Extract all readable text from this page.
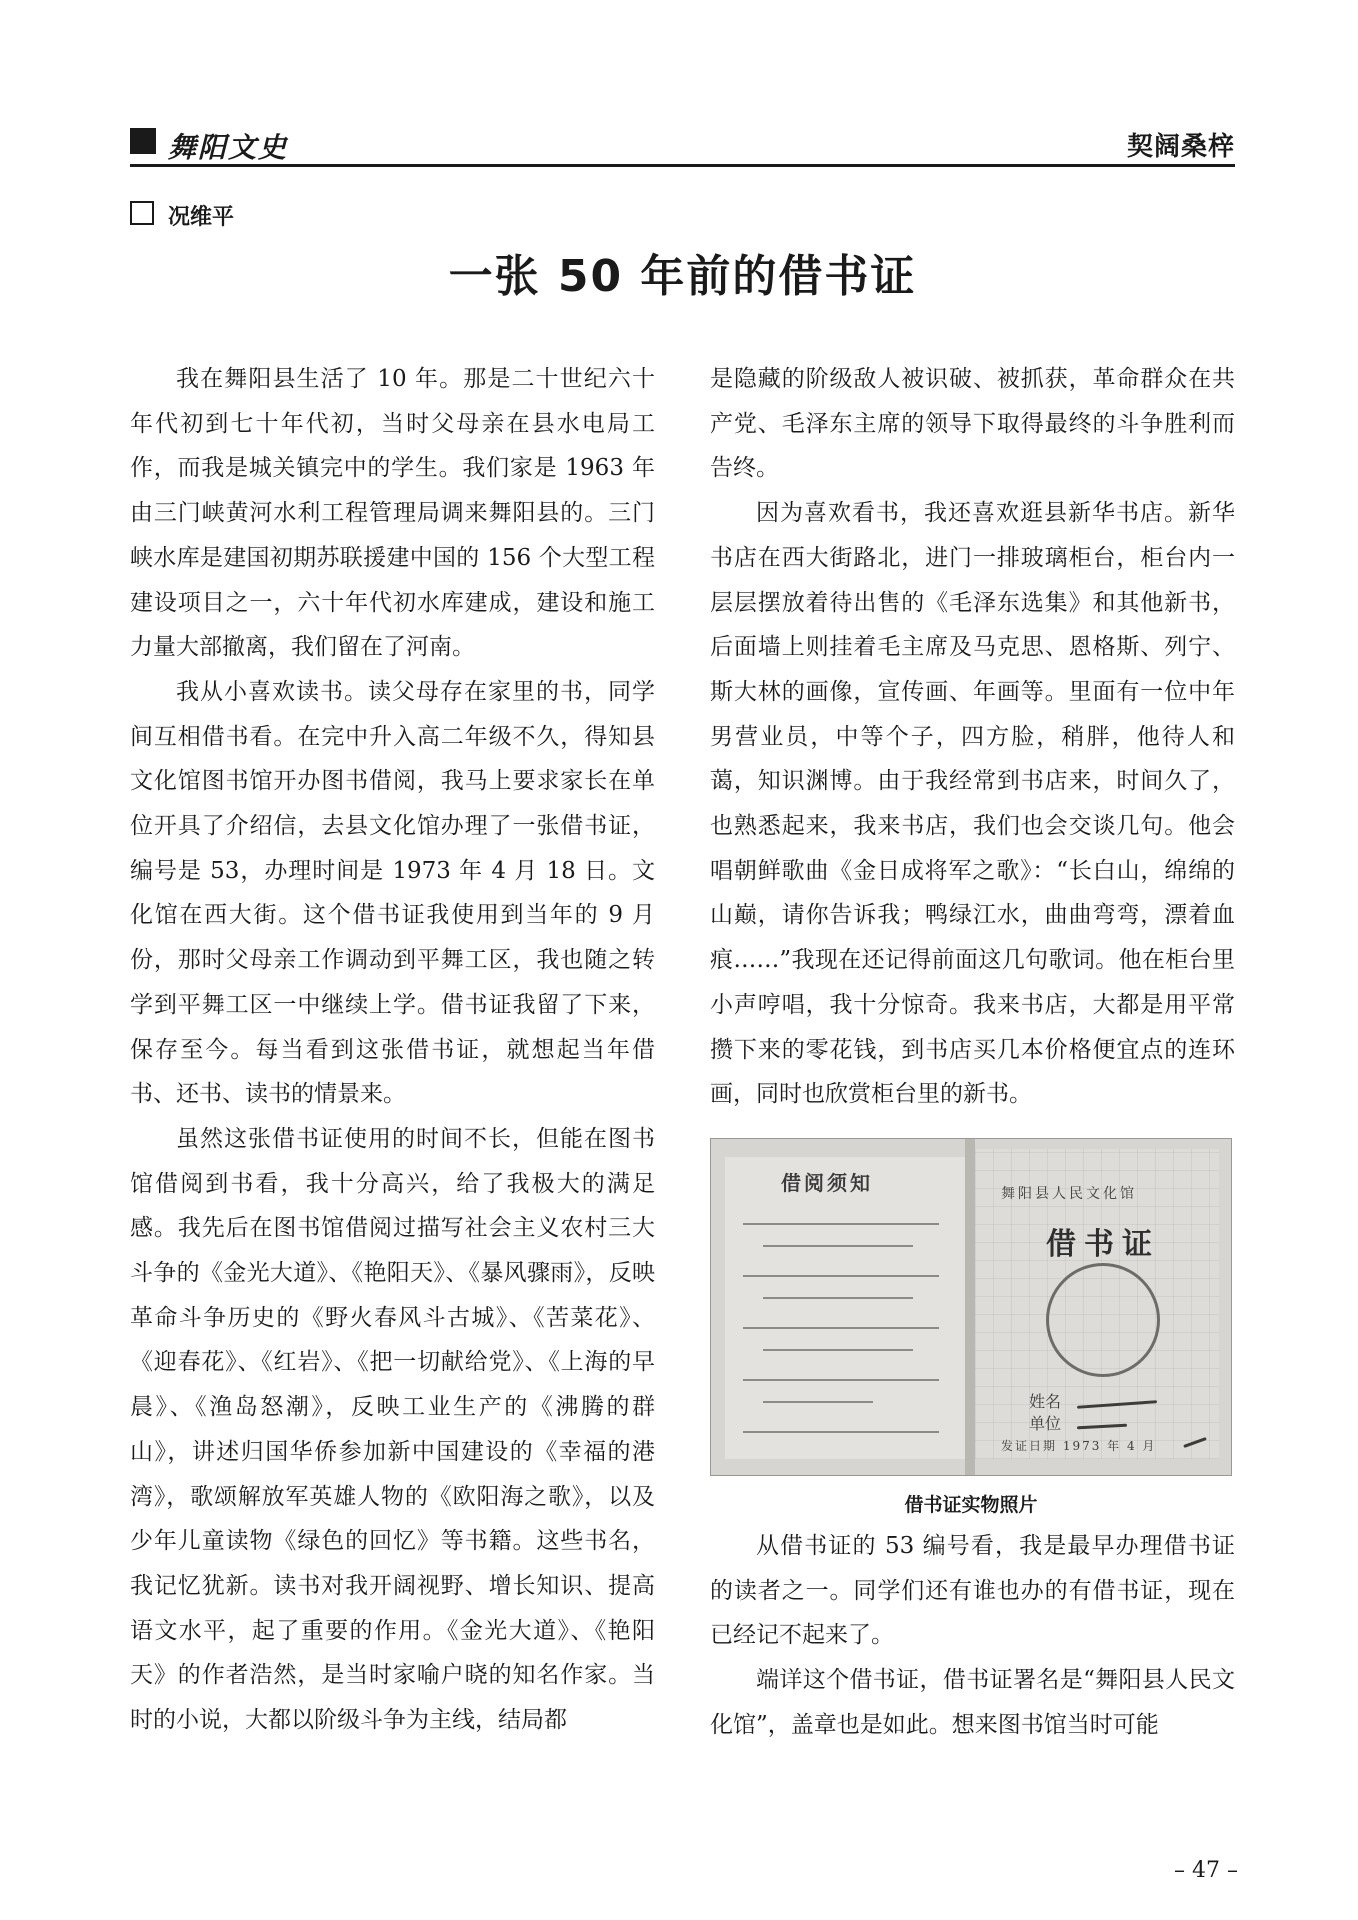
舞阳文史	契阔桑梓
况维平
一张 50 年前的借书证

我在舞阳县生活了 10 年。那是二十世纪六十年代初到七十年代初，当时父母亲在县水电局工作，而我是城关镇完中的学生。我们家是 1963 年由三门峡黄河水利工程管理局调来舞阳县的。三门峡水库是建国初期苏联援建中国的 156 个大型工程建设项目之一，六十年代初水库建成，建设和施工力量大部撤离，我们留在了河南。

我从小喜欢读书。读父母存在家里的书，同学间互相借书看。在完中升入高二年级不久，得知县文化馆图书馆开办图书借阅，我马上要求家长在单位开具了介绍信，去县文化馆办理了一张借书证，编号是 53，办理时间是 1973 年 4 月 18 日。文化馆在西大街。这个借书证我使用到当年的 9 月份，那时父母亲工作调动到平舞工区，我也随之转学到平舞工区一中继续上学。借书证我留了下来，保存至今。每当看到这张借书证，就想起当年借书、还书、读书的情景来。

虽然这张借书证使用的时间不长，但能在图书馆借阅到书看，我十分高兴，给了我极大的满足感。我先后在图书馆借阅过描写社会主义农村三大斗争的《金光大道》、《艳阳天》、《暴风骤雨》，反映革命斗争历史的《野火春风斗古城》、《苦菜花》、《迎春花》、《红岩》、《把一切献给党》、《上海的早晨》、《渔岛怒潮》，反映工业生产的《沸腾的群山》，讲述归国华侨参加新中国建设的《幸福的港湾》，歌颂解放军英雄人物的《欧阳海之歌》，以及少年儿童读物《绿色的回忆》等书籍。这些书名，我记忆犹新。读书对我开阔视野、增长知识、提高语文水平，起了重要的作用。《金光大道》、《艳阳天》的作者浩然，是当时家喻户晓的知名作家。当时的小说，大都以阶级斗争为主线，结局都

是隐藏的阶级敌人被识破、被抓获，革命群众在共产党、毛泽东主席的领导下取得最终的斗争胜利而告终。

因为喜欢看书，我还喜欢逛县新华书店。新华书店在西大街路北，进门一排玻璃柜台，柜台内一层层摆放着待出售的《毛泽东选集》和其他新书，后面墙上则挂着毛主席及马克思、恩格斯、列宁、斯大林的画像，宣传画、年画等。里面有一位中年男营业员，中等个子，四方脸，稍胖，他待人和蔼，知识渊博。由于我经常到书店来，时间久了，也熟悉起来，我来书店，我们也会交谈几句。他会唱朝鲜歌曲《金日成将军之歌》：“长白山，绵绵的山巅，请你告诉我；鸭绿江水，曲曲弯弯，漂着血痕……”我现在还记得前面这几句歌词。他在柜台里小声哼唱，我十分惊奇。我来书店，大都是用平常攒下来的零花钱，到书店买几本价格便宜点的连环画，同时也欣赏柜台里的新书。

借阅须知	舞阳县人民文化馆
借书证
姓名
单位
发证日期 1973 年 4 月
借书证实物照片

从借书证的 53 编号看，我是最早办理借书证的读者之一。同学们还有谁也办的有借书证，现在已经记不起来了。

端详这个借书证，借书证署名是“舞阳县人民文化馆”，盖章也是如此。想来图书馆当时可能

– 47 –
